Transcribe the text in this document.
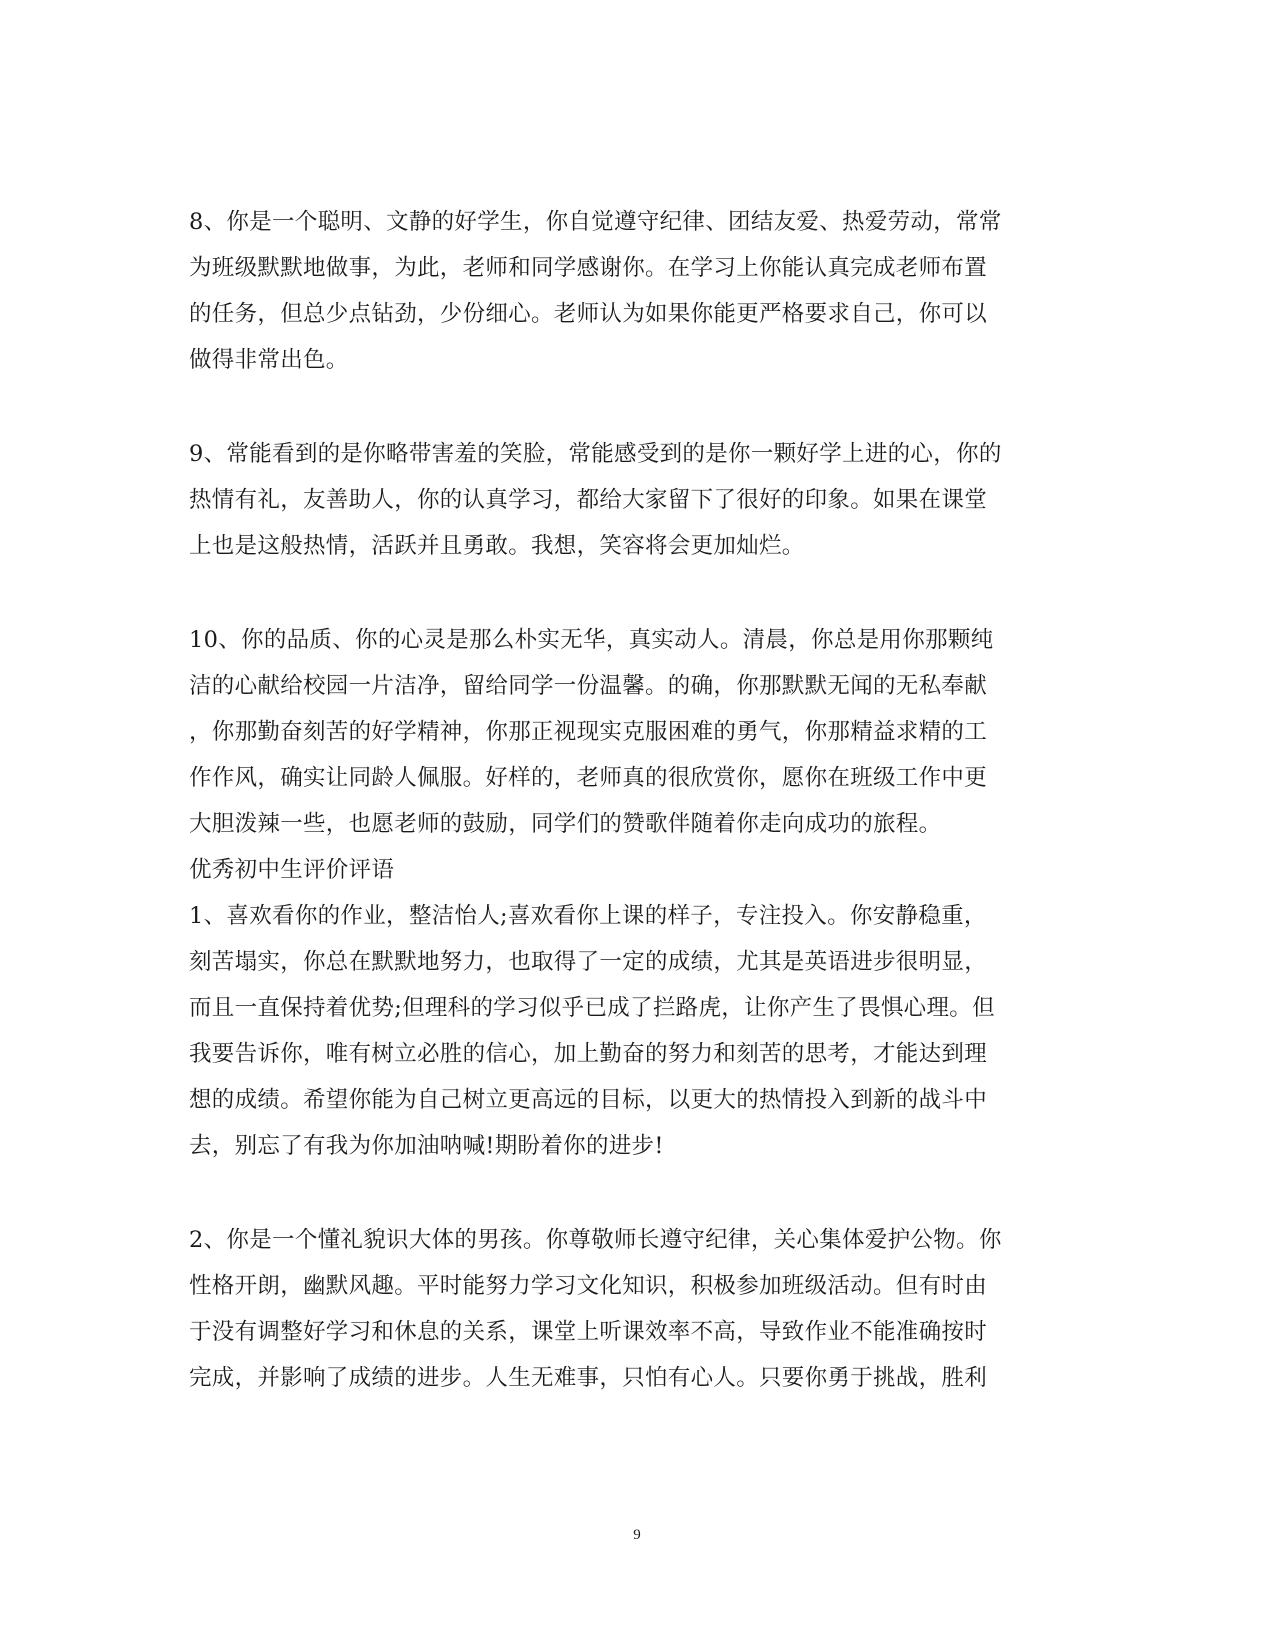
8、你是一个聪明、文静的好学生，你自觉遵守纪律、团结友爱、热爱劳动，常常
为班级默默地做事，为此，老师和同学感谢你。在学习上你能认真完成老师布置
的任务，但总少点钻劲，少份细心。老师认为如果你能更严格要求自己，你可以
做得非常出色。
9、常能看到的是你略带害羞的笑脸，常能感受到的是你一颗好学上进的心，你的
热情有礼，友善助人，你的认真学习，都给大家留下了很好的印象。如果在课堂
上也是这般热情，活跃并且勇敢。我想，笑容将会更加灿烂。
10、你的品质、你的心灵是那么朴实无华，真实动人。清晨，你总是用你那颗纯
洁的心献给校园一片洁净，留给同学一份温馨。的确，你那默默无闻的无私奉献
，你那勤奋刻苦的好学精神，你那正视现实克服困难的勇气，你那精益求精的工
作作风，确实让同龄人佩服。好样的，老师真的很欣赏你，愿你在班级工作中更
大胆泼辣一些，也愿老师的鼓励，同学们的赞歌伴随着你走向成功的旅程。
优秀初中生评价评语
1、喜欢看你的作业，整洁怡人;喜欢看你上课的样子，专注投入。你安静稳重，
刻苦塌实，你总在默默地努力，也取得了一定的成绩，尤其是英语进步很明显，
而且一直保持着优势;但理科的学习似乎已成了拦路虎，让你产生了畏惧心理。但
我要告诉你，唯有树立必胜的信心，加上勤奋的努力和刻苦的思考，才能达到理
想的成绩。希望你能为自己树立更高远的目标，以更大的热情投入到新的战斗中
去，别忘了有我为你加油呐喊!期盼着你的进步!
2、你是一个懂礼貌识大体的男孩。你尊敬师长遵守纪律，关心集体爱护公物。你
性格开朗，幽默风趣。平时能努力学习文化知识，积极参加班级活动。但有时由
于没有调整好学习和休息的关系，课堂上听课效率不高，导致作业不能准确按时
完成，并影响了成绩的进步。人生无难事，只怕有心人。只要你勇于挑战，胜利
9
